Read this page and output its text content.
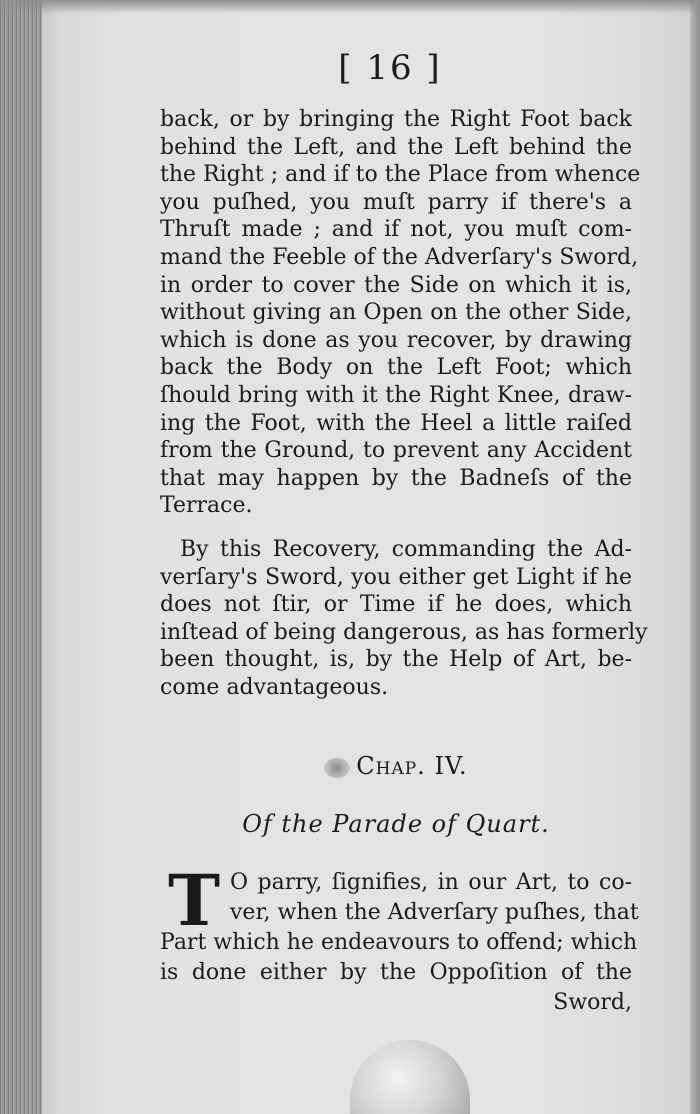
[ 16 ]
back, or by bringing the Right Foot back
behind the Left, and the Left behind the
the Right ; and if to the Place from whence
you puſhed, you muſt parry if there's a
Thruſt made ; and if not, you muſt com-
mand the Feeble of the Adverſary's Sword,
in order to cover the Side on which it is,
without giving an Open on the other Side,
which is done as you recover, by drawing
back the Body on the Left Foot; which
ſhould bring with it the Right Knee, draw-
ing the Foot, with the Heel a little raiſed
from the Ground, to prevent any Accident
that may happen by the Badneſs of the
Terrace.
By this Recovery, commanding the Ad-
verſary's Sword, you either get Light if he
does not ſtir, or Time if he does, which
inſtead of being dangerous, as has formerly
been thought, is, by the Help of Art, be-
come advantageous.
Chap. IV.
Of the Parade of Quart.
T O parry, ſignifies, in our Art, to co-
ver, when the Adverſary puſhes, that
Part which he endeavours to offend; which
is done either by the Oppoſition of the
Sword,
